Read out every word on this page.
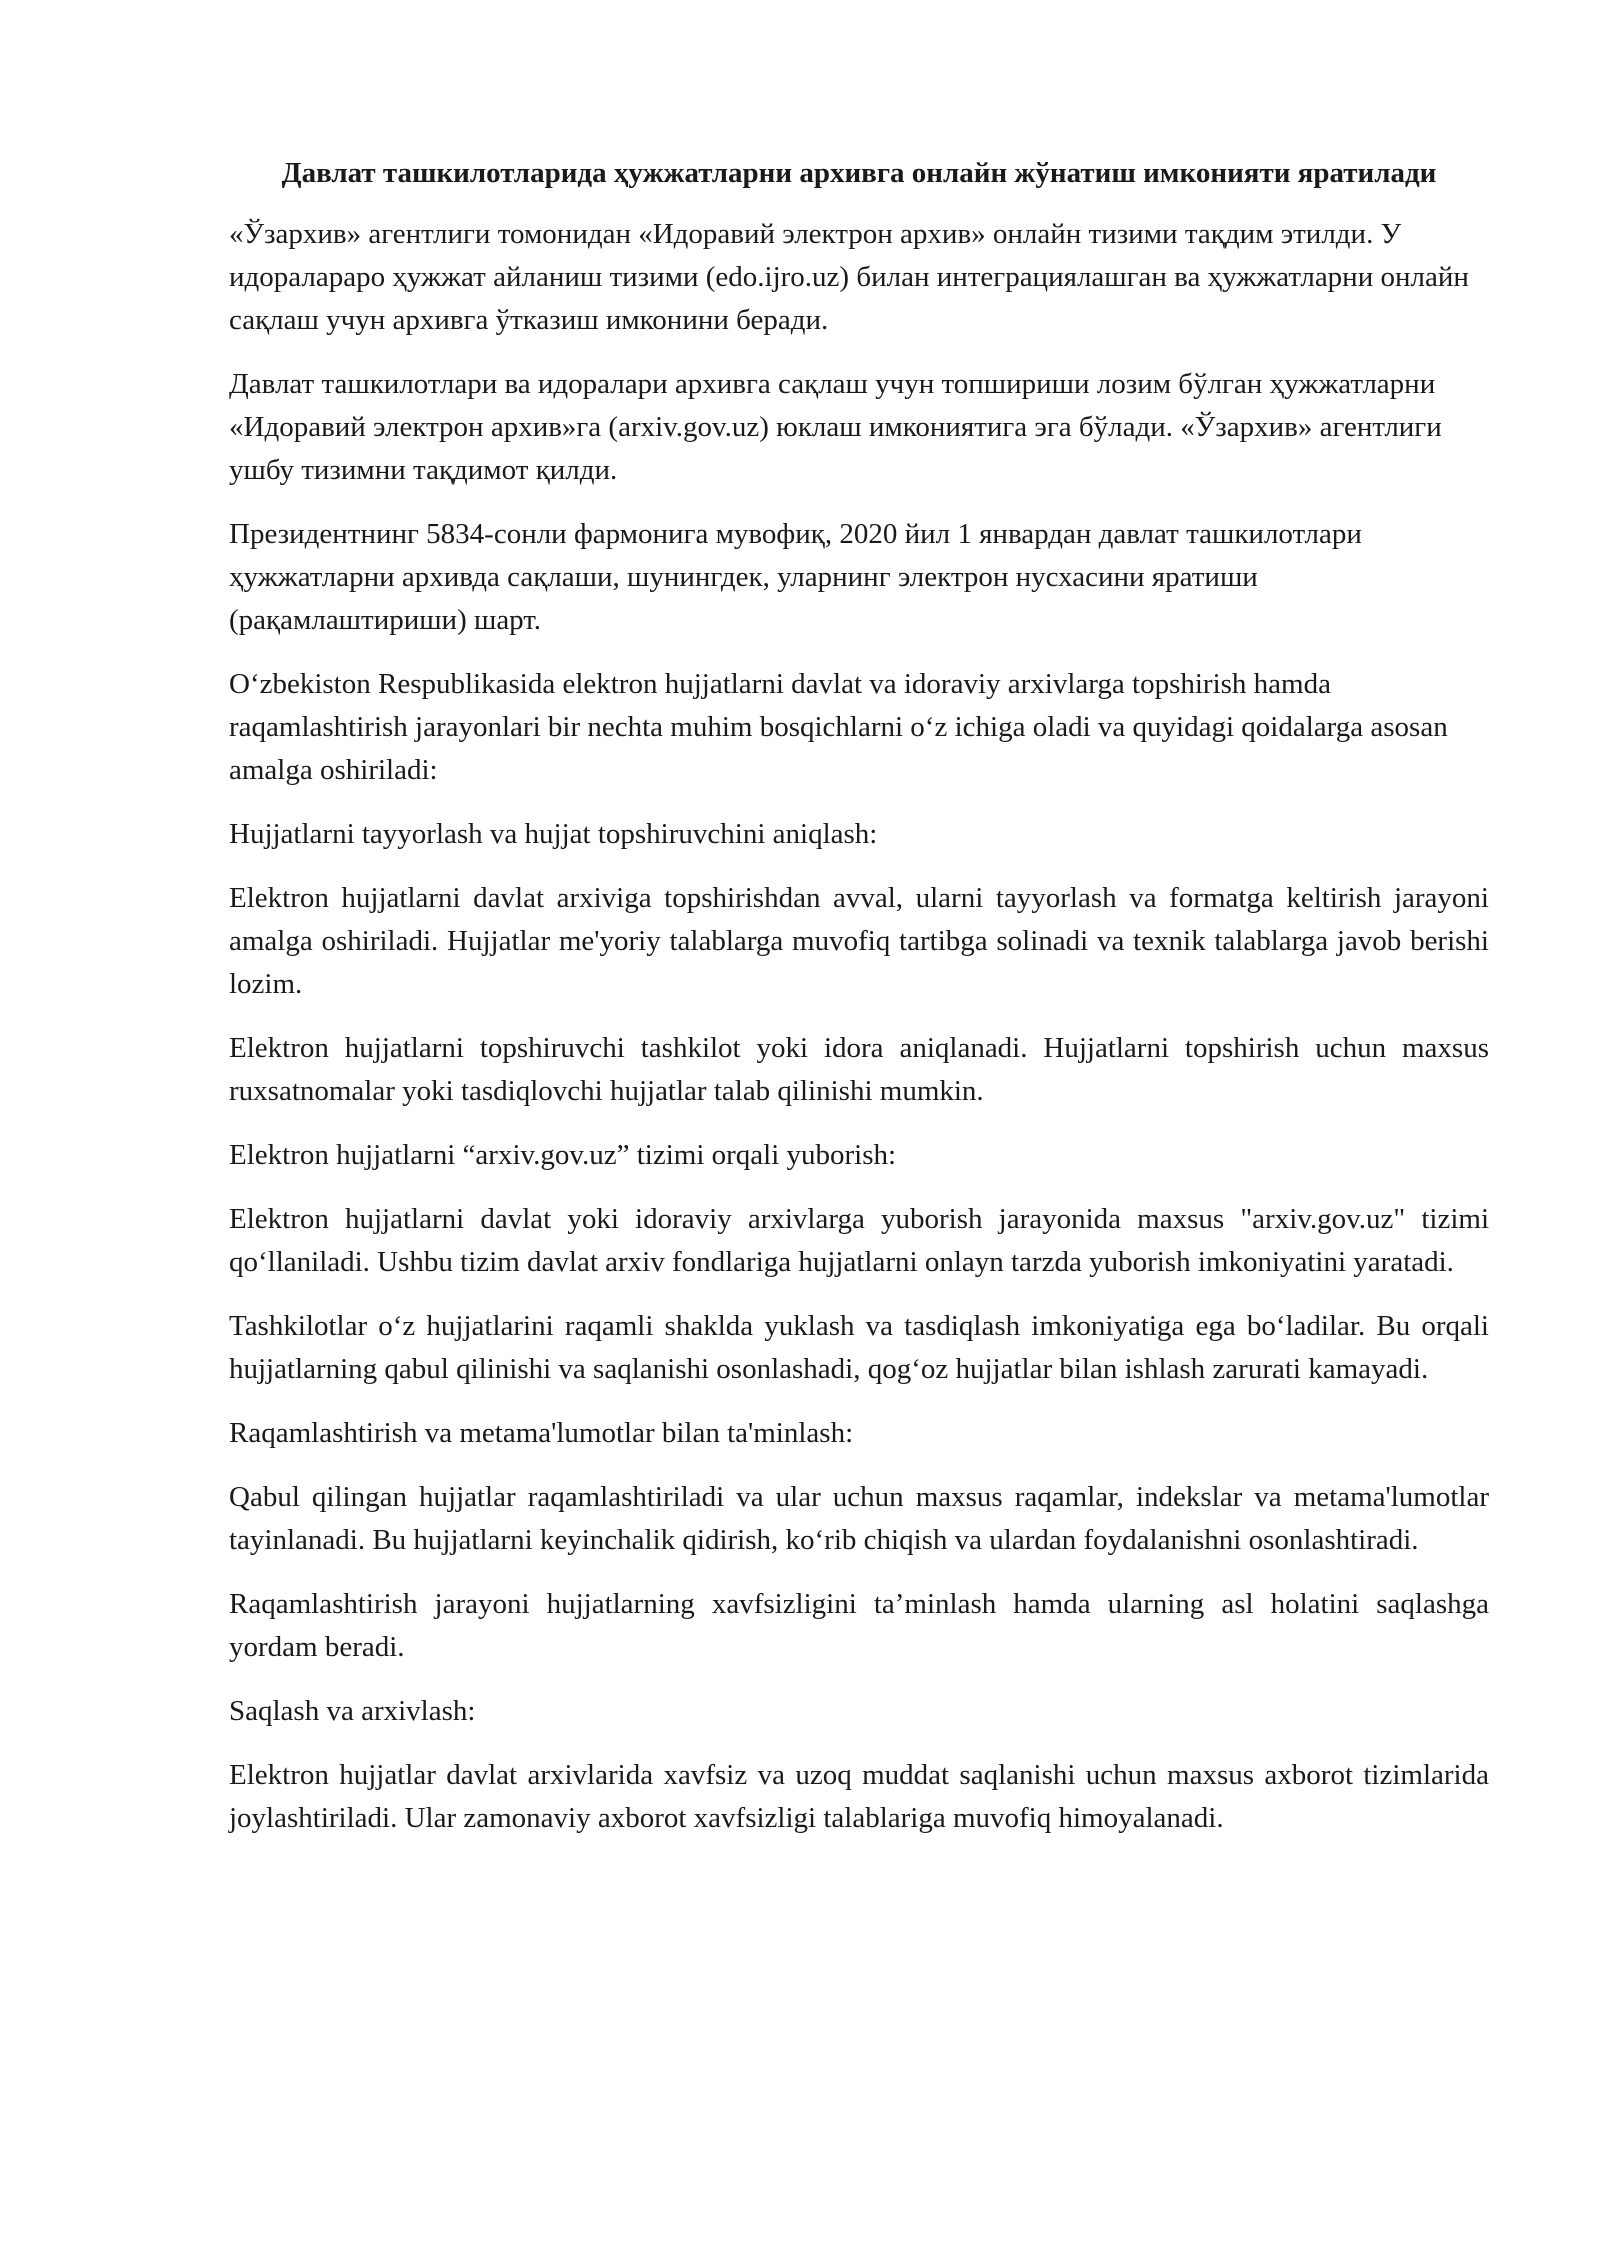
Давлат ташкилотларида ҳужжатларни архивга онлайн жўнатиш имконияти яратилади

«Ўзархив» агентлиги томонидан «Идоравий электрон архив» онлайн тизими тақдим этилди. У идоралараро ҳужжат айланиш тизими (edo.ijro.uz) билан интеграциялашган ва ҳужжатларни онлайн сақлаш учун архивга ўтказиш имконини беради.

Давлат ташкилотлари ва идоралари архивга сақлаш учун топшириши лозим бўлган ҳужжатларни «Идоравий электрон архив»га (arxiv.gov.uz) юклаш имкониятига эга бўлади. «Ўзархив» агентлиги ушбу тизимни тақдимот қилди.

Президентнинг 5834-сонли фармонига мувофиқ, 2020 йил 1 январдан давлат ташкилотлари ҳужжатларни архивда сақлаши, шунингдек, уларнинг электрон нусхасини яратиши (рақамлаштириши) шарт.

Oʻzbekiston Respublikasida elektron hujjatlarni davlat va idoraviy arxivlarga topshirish hamda raqamlashtirish jarayonlari bir nechta muhim bosqichlarni oʻz ichiga oladi va quyidagi qoidalarga asosan amalga oshiriladi:

Hujjatlarni tayyorlash va hujjat topshiruvchini aniqlash:

Elektron hujjatlarni davlat arxiviga topshirishdan avval, ularni tayyorlash va formatga keltirish jarayoni amalga oshiriladi. Hujjatlar me'yoriy talablarga muvofiq tartibga solinadi va texnik talablarga javob berishi lozim.

Elektron hujjatlarni topshiruvchi tashkilot yoki idora aniqlanadi. Hujjatlarni topshirish uchun maxsus ruxsatnomalar yoki tasdiqlovchi hujjatlar talab qilinishi mumkin.

Elektron hujjatlarni “arxiv.gov.uz” tizimi orqali yuborish:

Elektron hujjatlarni davlat yoki idoraviy arxivlarga yuborish jarayonida maxsus "arxiv.gov.uz" tizimi qoʻllaniladi. Ushbu tizim davlat arxiv fondlariga hujjatlarni onlayn tarzda yuborish imkoniyatini yaratadi.

Tashkilotlar oʻz hujjatlarini raqamli shaklda yuklash va tasdiqlash imkoniyatiga ega boʻladilar. Bu orqali hujjatlarning qabul qilinishi va saqlanishi osonlashadi, qogʻoz hujjatlar bilan ishlash zarurati kamayadi.

Raqamlashtirish va metama'lumotlar bilan ta'minlash:

Qabul qilingan hujjatlar raqamlashtiriladi va ular uchun maxsus raqamlar, indekslar va metama'lumotlar tayinlanadi. Bu hujjatlarni keyinchalik qidirish, koʻrib chiqish va ulardan foydalanishni osonlashtiradi.

Raqamlashtirish jarayoni hujjatlarning xavfsizligini ta’minlash hamda ularning asl holatini saqlashga yordam beradi.

Saqlash va arxivlash:

Elektron hujjatlar davlat arxivlarida xavfsiz va uzoq muddat saqlanishi uchun maxsus axborot tizimlarida joylashtiriladi. Ular zamonaviy axborot xavfsizligi talablariga muvofiq himoyalanadi.
